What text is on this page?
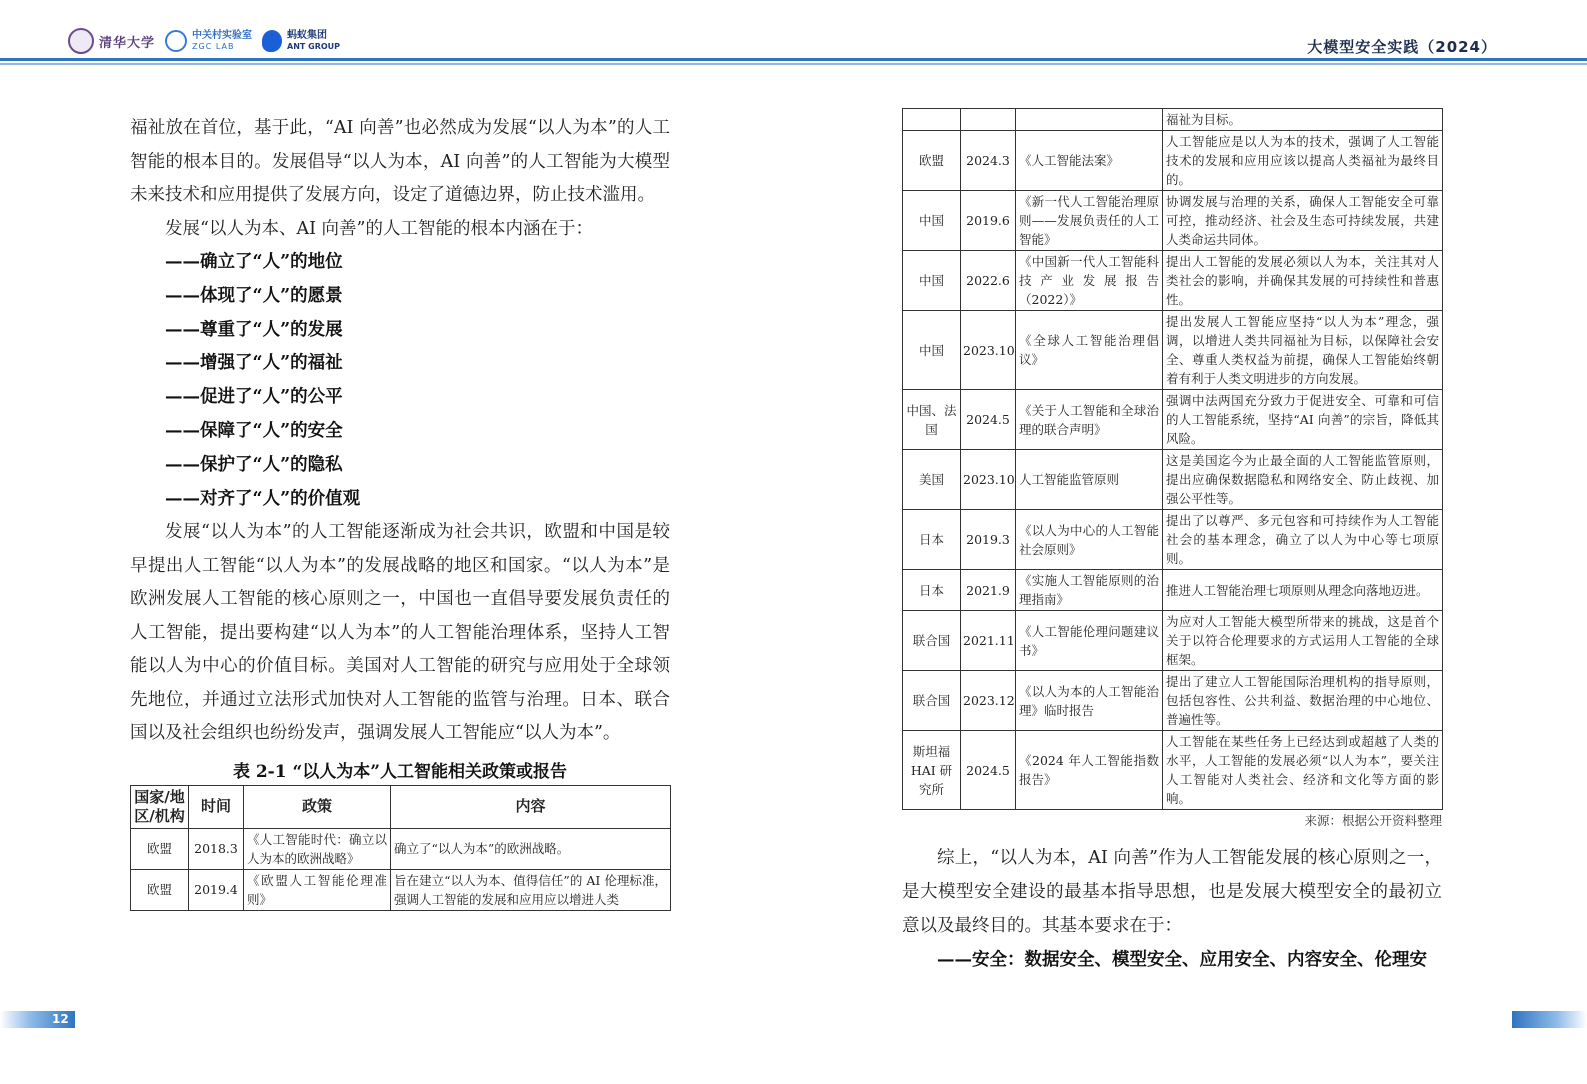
清华大学	中关村实验室
ZGC LAB
蚂蚁集团
ANT GROUP	大模型安全实践（2024）

福祉放在首位，基于此，“AI 向善”也必然成为发展“以人为本”的人工智能的根本目的。发展倡导“以人为本，AI 向善”的人工智能为大模型未来技术和应用提供了发展方向，设定了道德边界，防止技术滥用。

发展“以人为本、AI 向善”的人工智能的根本内涵在于：

——确立了“人”的地位
——体现了“人”的愿景
——尊重了“人”的发展
——增强了“人”的福祉
——促进了“人”的公平
——保障了“人”的安全
——保护了“人”的隐私
——对齐了“人”的价值观

发展“以人为本”的人工智能逐渐成为社会共识，欧盟和中国是较早提出人工智能“以人为本”的发展战略的地区和国家。“以人为本”是欧洲发展人工智能的核心原则之一，中国也一直倡导要发展负责任的人工智能，提出要构建“以人为本”的人工智能治理体系，坚持人工智能以人为中心的价值目标。美国对人工智能的研究与应用处于全球领先地位，并通过立法形式加快对人工智能的监管与治理。日本、联合国以及社会组织也纷纷发声，强调发展人工智能应“以人为本”。

表 2-1 “以人为本”人工智能相关政策或报告
国家/地区/机构	时间	政策	内容
欧盟	2018.3	《人工智能时代：确立以人为本的欧洲战略》	确立了“以人为本”的欧洲战略。
欧盟	2019.4	《欧盟人工智能伦理准则》	旨在建立“以人为本、值得信任”的 AI 伦理标准，强调人工智能的发展和应用应以增进人类
			福祉为目标。
欧盟	2024.3	《人工智能法案》	人工智能应是以人为本的技术，强调了人工智能技术的发展和应用应该以提高人类福祉为最终目的。
中国	2019.6	《新一代人工智能治理原则——发展负责任的人工智能》	协调发展与治理的关系，确保人工智能安全可靠可控，推动经济、社会及生态可持续发展，共建人类命运共同体。
中国	2022.6	《中国新一代人工智能科技产业发展报告（2022）》	提出人工智能的发展必须以人为本，关注其对人类社会的影响，并确保其发展的可持续性和普惠性。
中国	2023.10	《全球人工智能治理倡议》	提出发展人工智能应坚持“以人为本”理念，强调，以增进人类共同福祉为目标，以保障社会安全、尊重人类权益为前提，确保人工智能始终朝着有利于人类文明进步的方向发展。
中国、法国	2024.5	《关于人工智能和全球治理的联合声明》	强调中法两国充分致力于促进安全、可靠和可信的人工智能系统，坚持“AI 向善”的宗旨，降低其风险。
美国	2023.10	人工智能监管原则	这是美国迄今为止最全面的人工智能监管原则，提出应确保数据隐私和网络安全、防止歧视、加强公平性等。
日本	2019.3	《以人为中心的人工智能社会原则》	提出了以尊严、多元包容和可持续作为人工智能社会的基本理念，确立了以人为中心等七项原则。
日本	2021.9	《实施人工智能原则的治理指南》	推进人工智能治理七项原则从理念向落地迈进。
联合国	2021.11	《人工智能伦理问题建议书》	为应对人工智能大模型所带来的挑战，这是首个关于以符合伦理要求的方式运用人工智能的全球框架。
联合国	2023.12	《以人为本的人工智能治理》临时报告	提出了建立人工智能国际治理机构的指导原则，包括包容性、公共利益、数据治理的中心地位、普遍性等。
斯坦福 HAI 研究所	2024.5	《2024 年人工智能指数报告》	人工智能在某些任务上已经达到或超越了人类的水平，人工智能的发展必须“以人为本”，要关注人工智能对人类社会、经济和文化等方面的影响。
来源：根据公开资料整理

综上，“以人为本，AI 向善”作为人工智能发展的核心原则之一，是大模型安全建设的最基本指导思想，也是发展大模型安全的最初立意以及最终目的。其基本要求在于：

——安全：数据安全、模型安全、应用安全、内容安全、伦理安
12	13
